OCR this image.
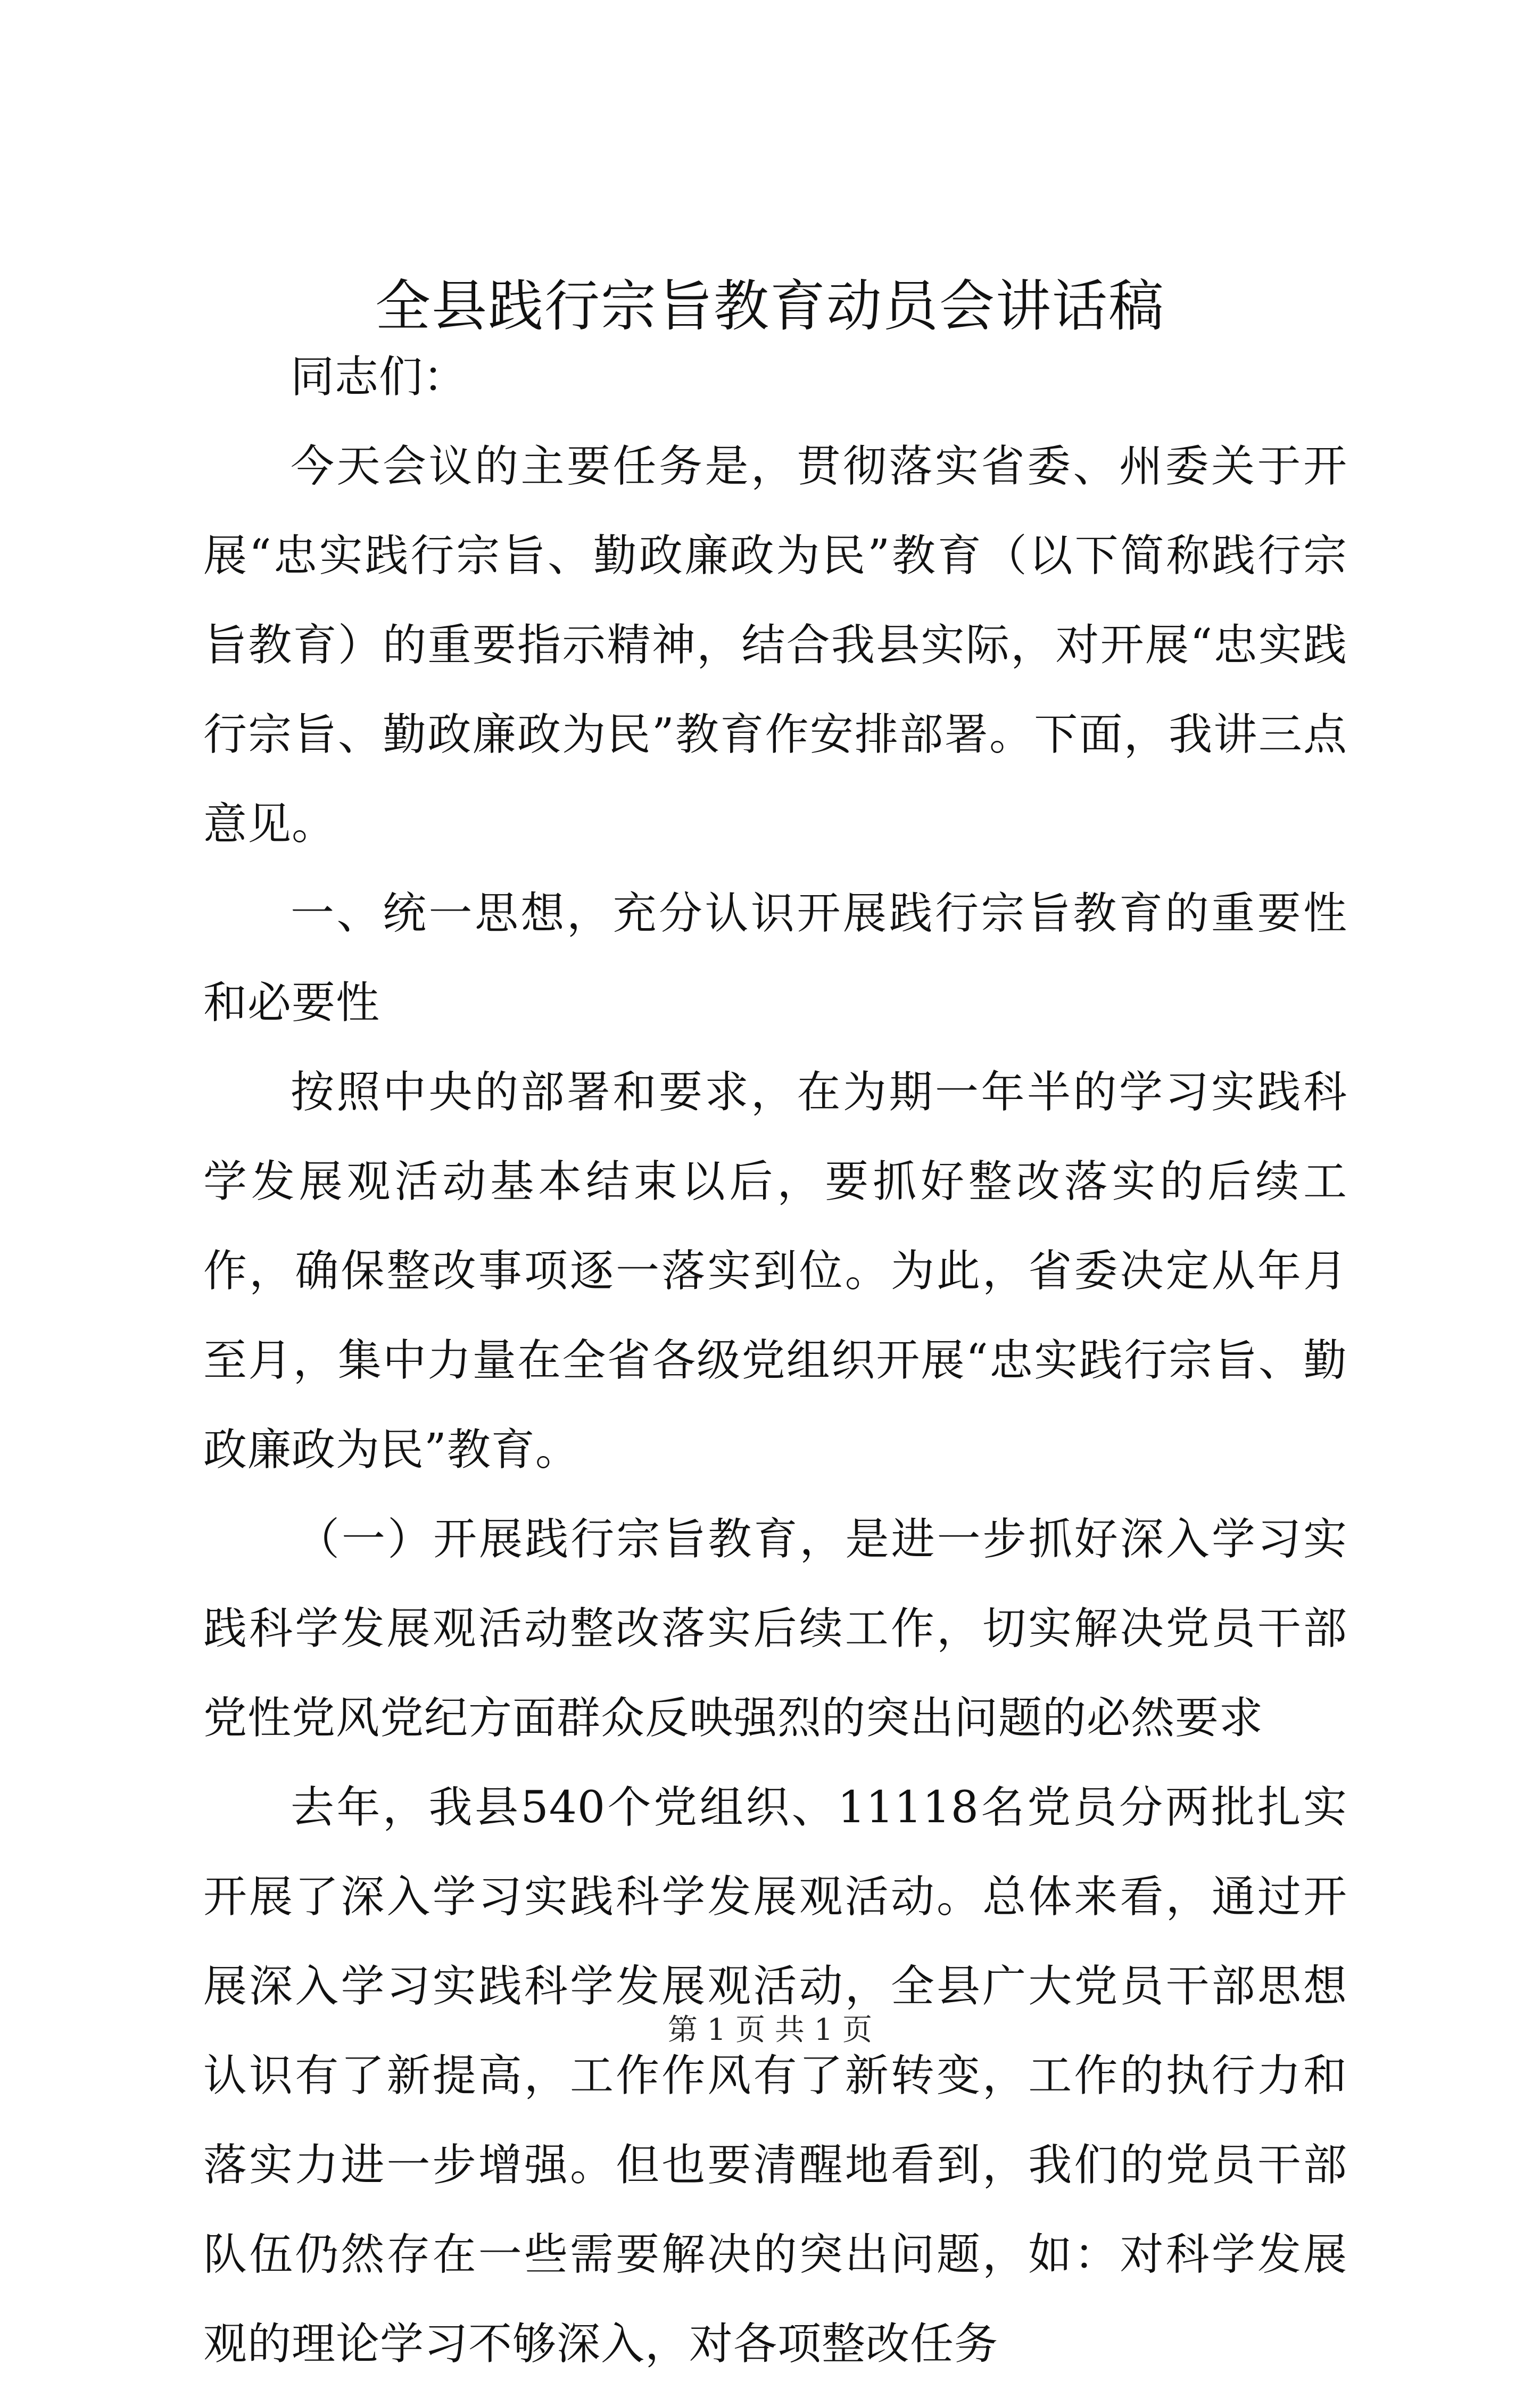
全县践行宗旨教育动员会讲话稿

同志们：

今天会议的主要任务是，贯彻落实省委、州委关于开展“忠实践行宗旨、勤政廉政为民”教育（以下简称践行宗旨教育）的重要指示精神，结合我县实际，对开展“忠实践行宗旨、勤政廉政为民”教育作安排部署。下面，我讲三点意见。

一、统一思想，充分认识开展践行宗旨教育的重要性和必要性

按照中央的部署和要求，在为期一年半的学习实践科学发展观活动基本结束以后，要抓好整改落实的后续工作，确保整改事项逐一落实到位。为此，省委决定从年月至月，集中力量在全省各级党组织开展“忠实践行宗旨、勤政廉政为民”教育。

（一）开展践行宗旨教育，是进一步抓好深入学习实践科学发展观活动整改落实后续工作，切实解决党员干部党性党风党纪方面群众反映强烈的突出问题的必然要求

去年，我县540个党组织、11118名党员分两批扎实开展了深入学习实践科学发展观活动。总体来看，通过开展深入学习实践科学发展观活动，全县广大党员干部思想认识有了新提高，工作作风有了新转变，工作的执行力和落实力进一步增强。但也要清醒地看到，我们的党员干部队伍仍然存在一些需要解决的突出问题，如：对科学发展观的理论学习不够深入，对各项整改任务

第 1 页 共 1 页
